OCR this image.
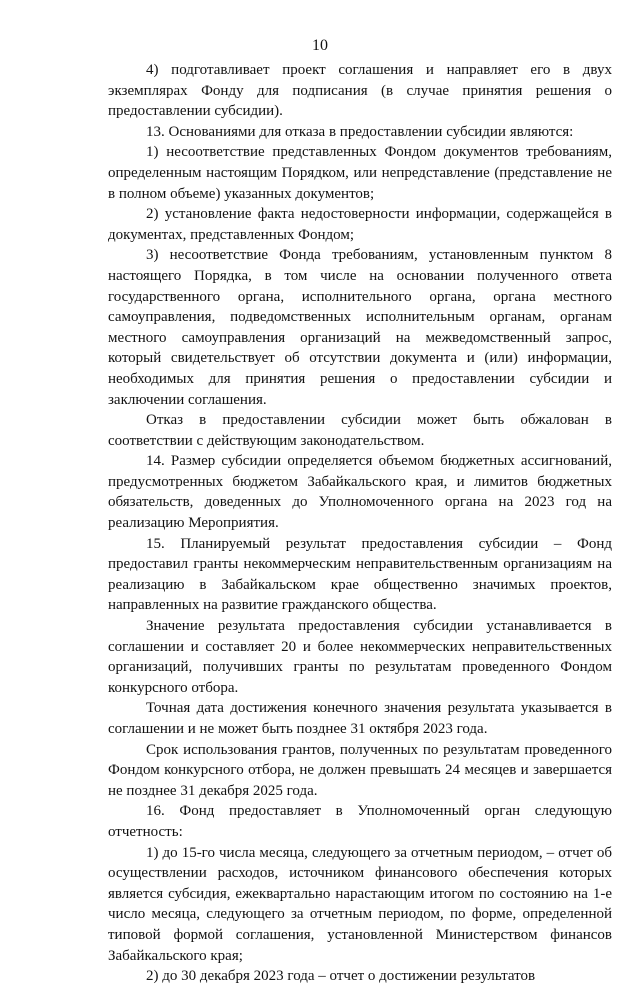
10

4) подготавливает проект соглашения и направляет его в двух экземплярах Фонду для подписания (в случае принятия решения о предоставлении субсидии).

13. Основаниями для отказа в предоставлении субсидии являются:

1) несоответствие представленных Фондом документов требованиям, определенным настоящим Порядком, или непредставление (представление не в полном объеме) указанных документов;

2) установление факта недостоверности информации, содержащейся в документах, представленных Фондом;

3) несоответствие Фонда требованиям, установленным пунктом 8 настоящего Порядка, в том числе на основании полученного ответа государственного органа, исполнительного органа, органа местного самоуправления, подведомственных исполнительным органам, органам местного самоуправления организаций на межведомственный запрос, который свидетельствует об отсутствии документа и (или) информации, необходимых для принятия решения о предоставлении субсидии и заключении соглашения.

Отказ в предоставлении субсидии может быть обжалован в соответствии с действующим законодательством.

14. Размер субсидии определяется объемом бюджетных ассигнований, предусмотренных бюджетом Забайкальского края, и лимитов бюджетных обязательств, доведенных до Уполномоченного органа на 2023 год на реализацию Мероприятия.

15. Планируемый результат предоставления субсидии – Фонд предоставил гранты некоммерческим неправительственным организациям на реализацию в Забайкальском крае общественно значимых проектов, направленных на развитие гражданского общества.

Значение результата предоставления субсидии устанавливается в соглашении и составляет 20 и более некоммерческих неправительственных организаций, получивших гранты по результатам проведенного Фондом конкурсного отбора.

Точная дата достижения конечного значения результата указывается в соглашении и не может быть позднее 31 октября 2023 года.

Срок использования грантов, полученных по результатам проведенного Фондом конкурсного отбора, не должен превышать 24 месяцев и завершается не позднее 31 декабря 2025 года.

16. Фонд предоставляет в Уполномоченный орган следующую отчетность:

1) до 15-го числа месяца, следующего за отчетным периодом, – отчет об осуществлении расходов, источником финансового обеспечения которых является субсидия, ежеквартально нарастающим итогом по состоянию на 1-е число месяца, следующего за отчетным периодом, по форме, определенной типовой формой соглашения, установленной Министерством финансов Забайкальского края;

2) до 30 декабря 2023 года – отчет о достижении результатов
